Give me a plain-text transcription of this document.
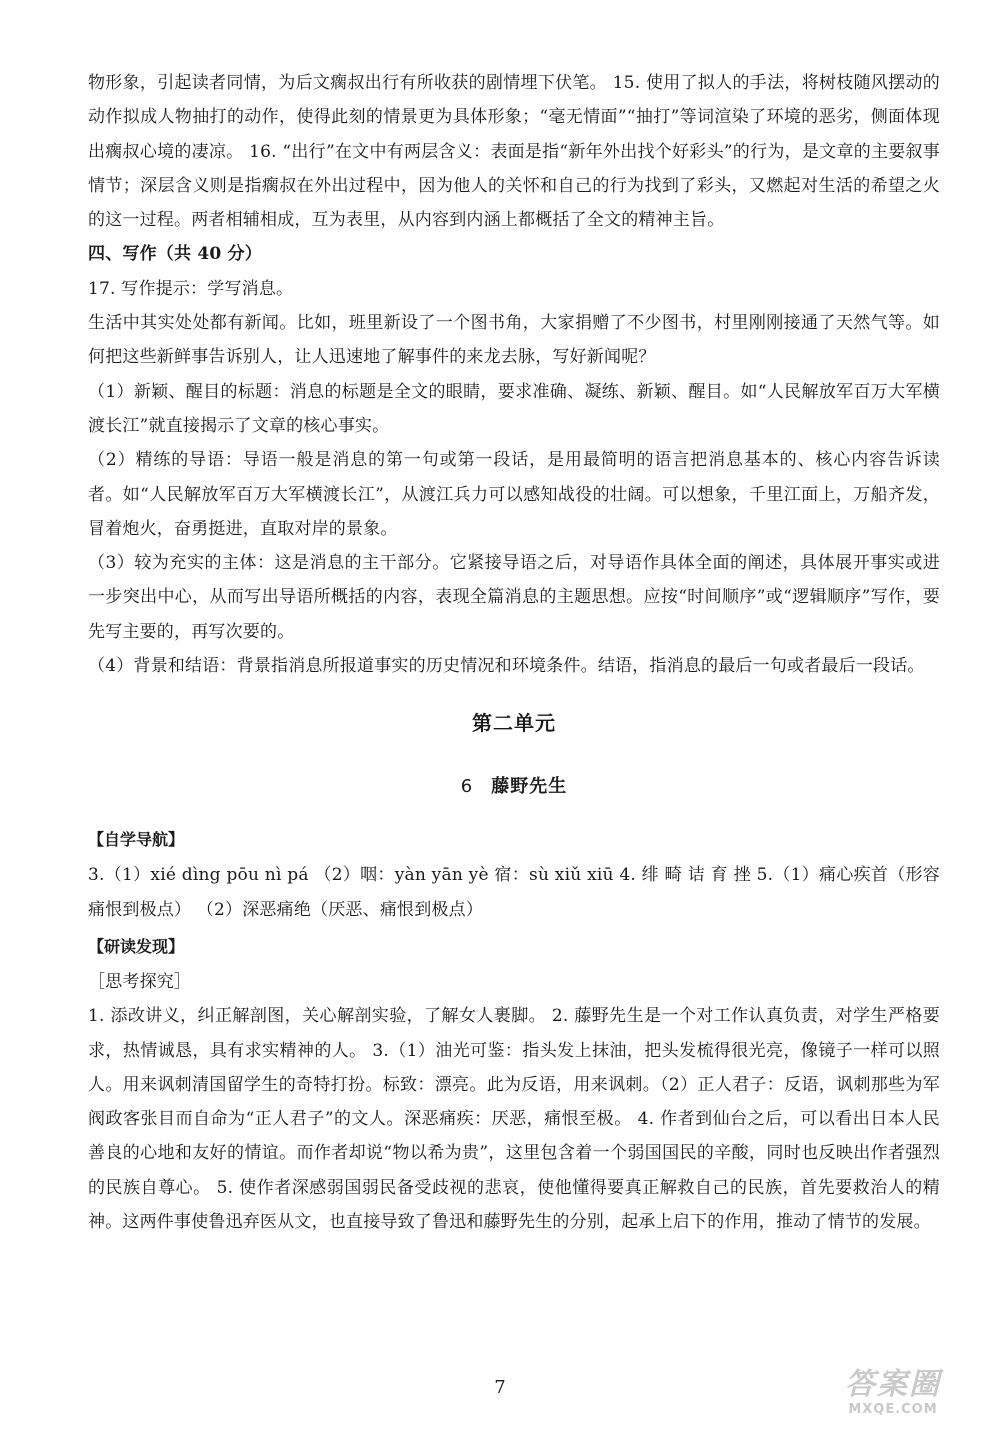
物形象，引起读者同情，为后文瘸叔出行有所收获的剧情埋下伏笔。 15. 使用了拟人的手法，将树枝随风摆动的动作拟成人物抽打的动作，使得此刻的情景更为具体形象；“毫无情面”“抽打”等词渲染了环境的恶劣，侧面体现出瘸叔心境的凄凉。 16. “出行”在文中有两层含义：表面是指“新年外出找个好彩头”的行为，是文章的主要叙事情节；深层含义则是指瘸叔在外出过程中，因为他人的关怀和自己的行为找到了彩头，又燃起对生活的希望之火的这一过程。两者相辅相成，互为表里，从内容到内涵上都概括了全文的精神主旨。

四、写作（共 40 分）

17. 写作提示：学写消息。

生活中其实处处都有新闻。比如，班里新设了一个图书角，大家捐赠了不少图书，村里刚刚接通了天然气等。如何把这些新鲜事告诉别人，让人迅速地了解事件的来龙去脉，写好新闻呢？

（1）新颖、醒目的标题：消息的标题是全文的眼睛，要求准确、凝练、新颖、醒目。如“人民解放军百万大军横渡长江”就直接揭示了文章的核心事实。

（2）精练的导语：导语一般是消息的第一句或第一段话，是用最简明的语言把消息基本的、核心内容告诉读者。如“人民解放军百万大军横渡长江”，从渡江兵力可以感知战役的壮阔。可以想象，千里江面上，万船齐发，冒着炮火，奋勇挺进，直取对岸的景象。

（3）较为充实的主体：这是消息的主干部分。它紧接导语之后，对导语作具体全面的阐述，具体展开事实或进一步突出中心，从而写出导语所概括的内容，表现全篇消息的主题思想。应按“时间顺序”或“逻辑顺序”写作，要先写主要的，再写次要的。

（4）背景和结语：背景指消息所报道事实的历史情况和环境条件。结语，指消息的最后一句或者最后一段话。

第二单元
6 藤野先生

【自学导航】

3.（1）xié dìng pōu nì pá （2）咽：yàn yān yè 宿：sù xiǔ xiū 4. 绯 畸 诘 育 挫 5.（1）痛心疾首（形容痛恨到极点） （2）深恶痛绝（厌恶、痛恨到极点）

【研读发现】

［思考探究］

1. 添改讲义，纠正解剖图，关心解剖实验，了解女人裹脚。 2. 藤野先生是一个对工作认真负责，对学生严格要求，热情诚恳，具有求实精神的人。 3.（1）油光可鉴：指头发上抹油，把头发梳得很光亮，像镜子一样可以照人。用来讽刺清国留学生的奇特打扮。标致：漂亮。此为反语，用来讽刺。（2）正人君子：反语，讽刺那些为军阀政客张目而自命为“正人君子”的文人。深恶痛疾：厌恶，痛恨至极。 4. 作者到仙台之后，可以看出日本人民善良的心地和友好的情谊。而作者却说“物以希为贵”，这里包含着一个弱国国民的辛酸，同时也反映出作者强烈的民族自尊心。 5. 使作者深感弱国弱民备受歧视的悲哀，使他懂得要真正解救自己的民族，首先要救治人的精神。这两件事使鲁迅弃医从文，也直接导致了鲁迅和藤野先生的分别，起承上启下的作用，推动了情节的发展。

7	答案圈
MXQE.COM
